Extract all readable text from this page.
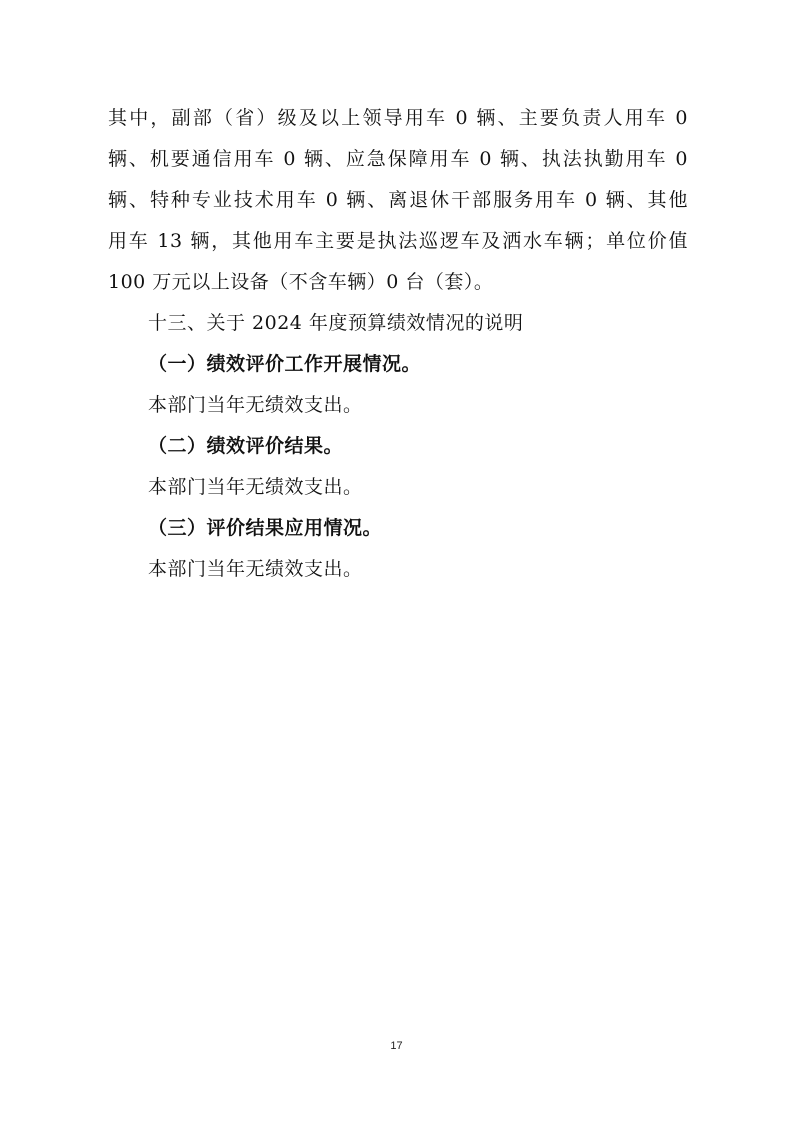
其中，副部（省）级及以上领导用车 0 辆、主要负责人用车 0
辆、机要通信用车 0 辆、应急保障用车 0 辆、执法执勤用车 0
辆、特种专业技术用车 0 辆、离退休干部服务用车 0 辆、其他
用车 13 辆，其他用车主要是执法巡逻车及洒水车辆；单位价值
100 万元以上设备（不含车辆）0 台（套）。
十三、关于 2024 年度预算绩效情况的说明
（一）绩效评价工作开展情况。
本部门当年无绩效支出。
（二）绩效评价结果。
本部门当年无绩效支出。
（三）评价结果应用情况。
本部门当年无绩效支出。
17
